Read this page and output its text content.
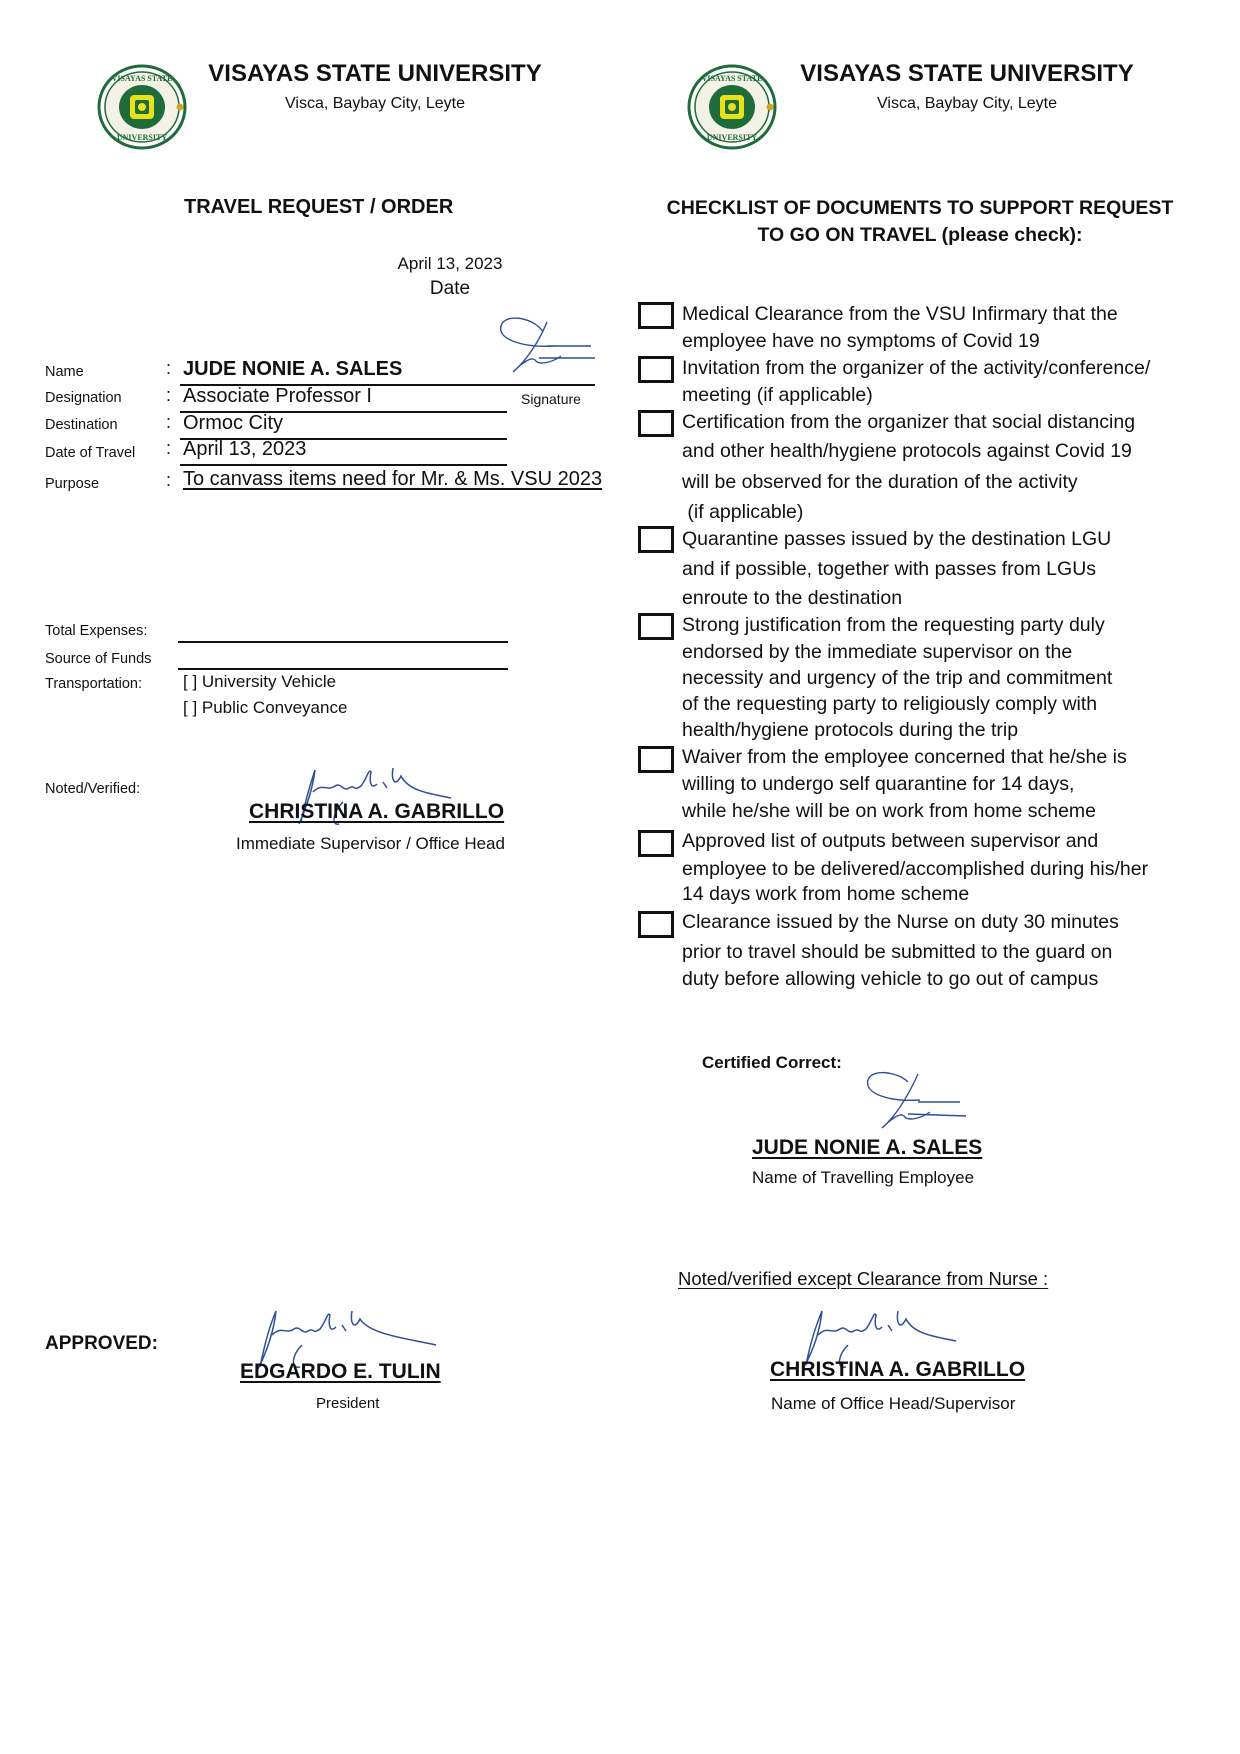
VISAYAS STATE
UNIVERSITY
VISAYAS STATE UNIVERSITY
Visca, Baybay City, Leyte
VISAYAS STATE
UNIVERSITY
VISAYAS STATE UNIVERSITY
Visca, Baybay City, Leyte
TRAVEL REQUEST / ORDER
April 13, 2023
Date
Name	: JUDE NONIE A. SALES
Designation : Associate Professor I	Signature
Destination	: Ormoc City
Date of Travel : April 13, 2023
Purpose	: To canvass items need for Mr. & Ms. VSU 2023
Total Expenses:
Source of Funds
Transportation: [ ] University Vehicle
[ ] Public Conveyance
Noted/Verified:
CHRISTINA A. GABRILLO
Immediate Supervisor / Office Head
CHECKLIST OF DOCUMENTS TO SUPPORT REQUEST
TO GO ON TRAVEL (please check):
Medical Clearance from the VSU Infirmary that the
employee have no symptoms of Covid 19
Invitation from the organizer of the activity/conference/
meeting (if applicable)
Certification from the organizer that social distancing
and other health/hygiene protocols against Covid 19
will be observed for the duration of the activity
(if applicable)
Quarantine passes issued by the destination LGU
and if possible, together with passes from LGUs
enroute to the destination
Strong justification from the requesting party duly
endorsed by the immediate supervisor on the
necessity and urgency of the trip and commitment
of the requesting party to religiously comply with
health/hygiene protocols during the trip
Waiver from the employee concerned that he/she is
willing to undergo self quarantine for 14 days,
while he/she will be on work from home scheme
Approved list of outputs between supervisor and
employee to be delivered/accomplished during his/her
14 days work from home scheme
Clearance issued by the Nurse on duty 30 minutes
prior to travel should be submitted to the guard on
duty before allowing vehicle to go out of campus
Certified Correct:
JUDE NONIE A. SALES
Name of Travelling Employee
Noted/verified except Clearance from Nurse :
CHRISTINA A. GABRILLO
Name of Office Head/Supervisor
APPROVED:
EDGARDO E. TULIN
President
